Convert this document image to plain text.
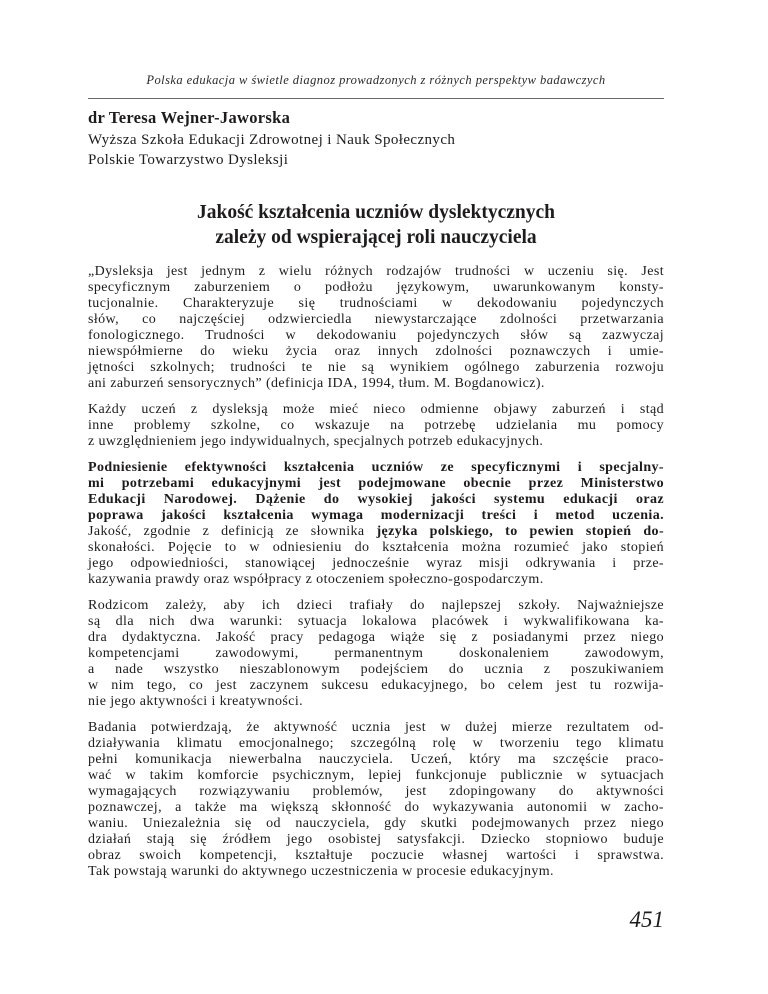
Polska edukacja w świetle diagnoz prowadzonych z różnych perspektyw badawczych
dr Teresa Wejner-Jaworska
Wyższa Szkoła Edukacji Zdrowotnej i Nauk Społecznych
Polskie Towarzystwo Dysleksji
Jakość kształcenia uczniów dyslektycznych
zależy od wspierającej roli nauczyciela
„Dysleksja jest jednym z wielu różnych rodzajów trudności w uczeniu się. Jest
specyficznym zaburzeniem o podłożu językowym, uwarunkowanym konsty-
tucjonalnie. Charakteryzuje się trudnościami w dekodowaniu pojedynczych
słów, co najczęściej odzwierciedla niewystarczające zdolności przetwarzania
fonologicznego. Trudności w dekodowaniu pojedynczych słów są zazwyczaj
niewspółmierne do wieku życia oraz innych zdolności poznawczych i umie-
jętności szkolnych; trudności te nie są wynikiem ogólnego zaburzenia rozwoju
ani zaburzeń sensorycznych” (definicja IDA, 1994, tłum. M. Bogdanowicz).
Każdy uczeń z dysleksją może mieć nieco odmienne objawy zaburzeń i stąd
inne problemy szkolne, co wskazuje na potrzebę udzielania mu pomocy
z uwzględnieniem jego indywidualnych, specjalnych potrzeb edukacyjnych.
Podniesienie efektywności kształcenia uczniów ze specyficznymi i specjalny-
mi potrzebami edukacyjnymi jest podejmowane obecnie przez Ministerstwo
Edukacji Narodowej. Dążenie do wysokiej jakości systemu edukacji oraz
poprawa jakości kształcenia wymaga modernizacji treści i metod uczenia.
Jakość, zgodnie z definicją ze słownika języka polskiego, to pewien stopień do-
skonałości. Pojęcie to w odniesieniu do kształcenia można rozumieć jako stopień
jego odpowiedniości, stanowiącej jednocześnie wyraz misji odkrywania i prze-
kazywania prawdy oraz współpracy z otoczeniem społeczno-gospodarczym.
Rodzicom zależy, aby ich dzieci trafiały do najlepszej szkoły. Najważniejsze
są dla nich dwa warunki: sytuacja lokalowa placówek i wykwalifikowana ka-
dra dydaktyczna. Jakość pracy pedagoga wiąże się z posiadanymi przez niego
kompetencjami zawodowymi, permanentnym doskonaleniem zawodowym,
a nade wszystko nieszablonowym podejściem do ucznia z poszukiwaniem
w nim tego, co jest zaczynem sukcesu edukacyjnego, bo celem jest tu rozwija-
nie jego aktywności i kreatywności.
Badania potwierdzają, że aktywność ucznia jest w dużej mierze rezultatem od-
działywania klimatu emocjonalnego; szczególną rolę w tworzeniu tego klimatu
pełni komunikacja niewerbalna nauczyciela. Uczeń, który ma szczęście praco-
wać w takim komforcie psychicznym, lepiej funkcjonuje publicznie w sytuacjach
wymagających rozwiązywaniu problemów, jest zdopingowany do aktywności
poznawczej, a także ma większą skłonność do wykazywania autonomii w zacho-
waniu. Uniezależnia się od nauczyciela, gdy skutki podejmowanych przez niego
działań stają się źródłem jego osobistej satysfakcji. Dziecko stopniowo buduje
obraz swoich kompetencji, kształtuje poczucie własnej wartości i sprawstwa.
Tak powstają warunki do aktywnego uczestniczenia w procesie edukacyjnym.
451
